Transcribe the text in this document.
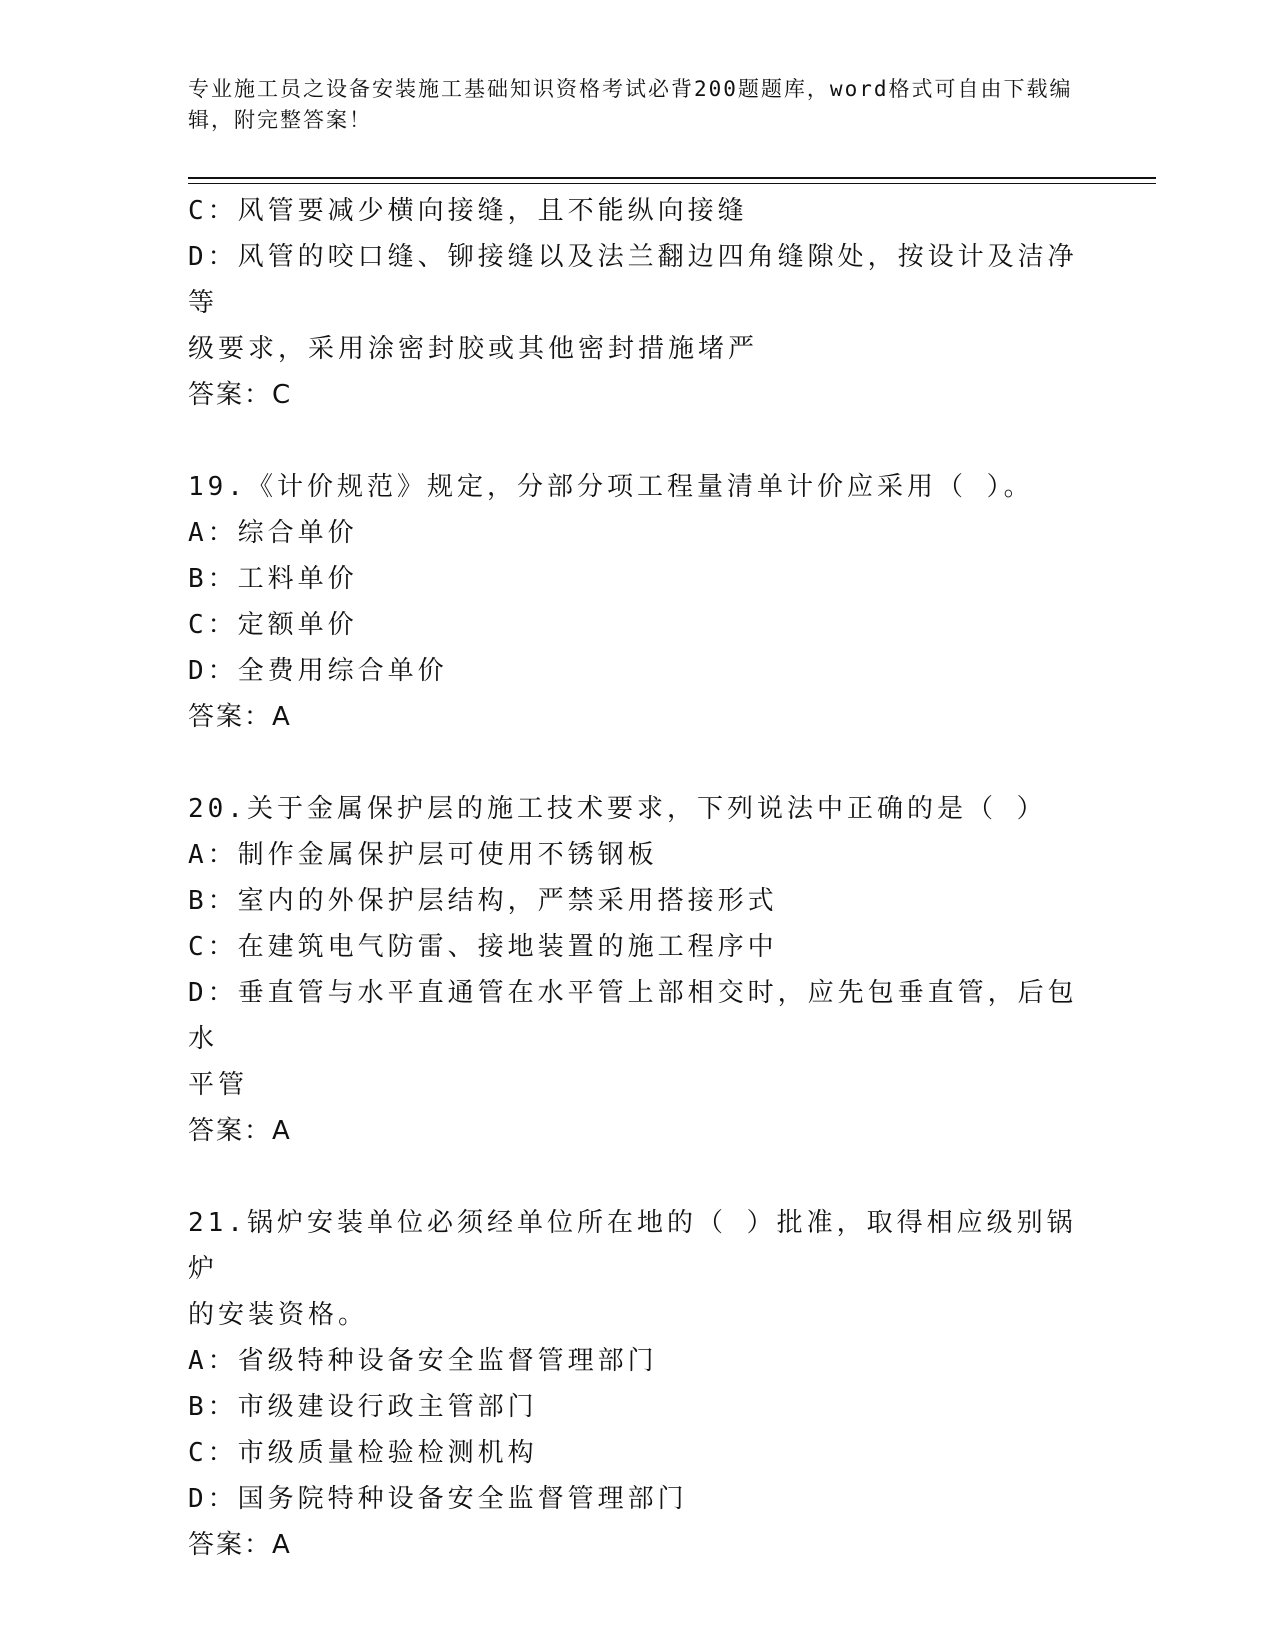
专业施工员之设备安装施工基础知识资格考试必背200题题库，word格式可自由下载编辑，附完整答案！
C：风管要减少横向接缝，且不能纵向接缝
D：风管的咬口缝、铆接缝以及法兰翻边四角缝隙处，按设计及洁净等
级要求，采用涂密封胶或其他密封措施堵严
答案：C
19.《计价规范》规定，分部分项工程量清单计价应采用（ ）。
A：综合单价
B：工料单价
C：定额单价
D：全费用综合单价
答案：A
20.关于金属保护层的施工技术要求，下列说法中正确的是（ ）
A：制作金属保护层可使用不锈钢板
B：室内的外保护层结构，严禁采用搭接形式
C：在建筑电气防雷、接地装置的施工程序中
D：垂直管与水平直通管在水平管上部相交时，应先包垂直管，后包水
平管
答案：A
21.锅炉安装单位必须经单位所在地的（ ）批准，取得相应级别锅炉
的安装资格。
A：省级特种设备安全监督管理部门
B：市级建设行政主管部门
C：市级质量检验检测机构
D：国务院特种设备安全监督管理部门
答案：A
